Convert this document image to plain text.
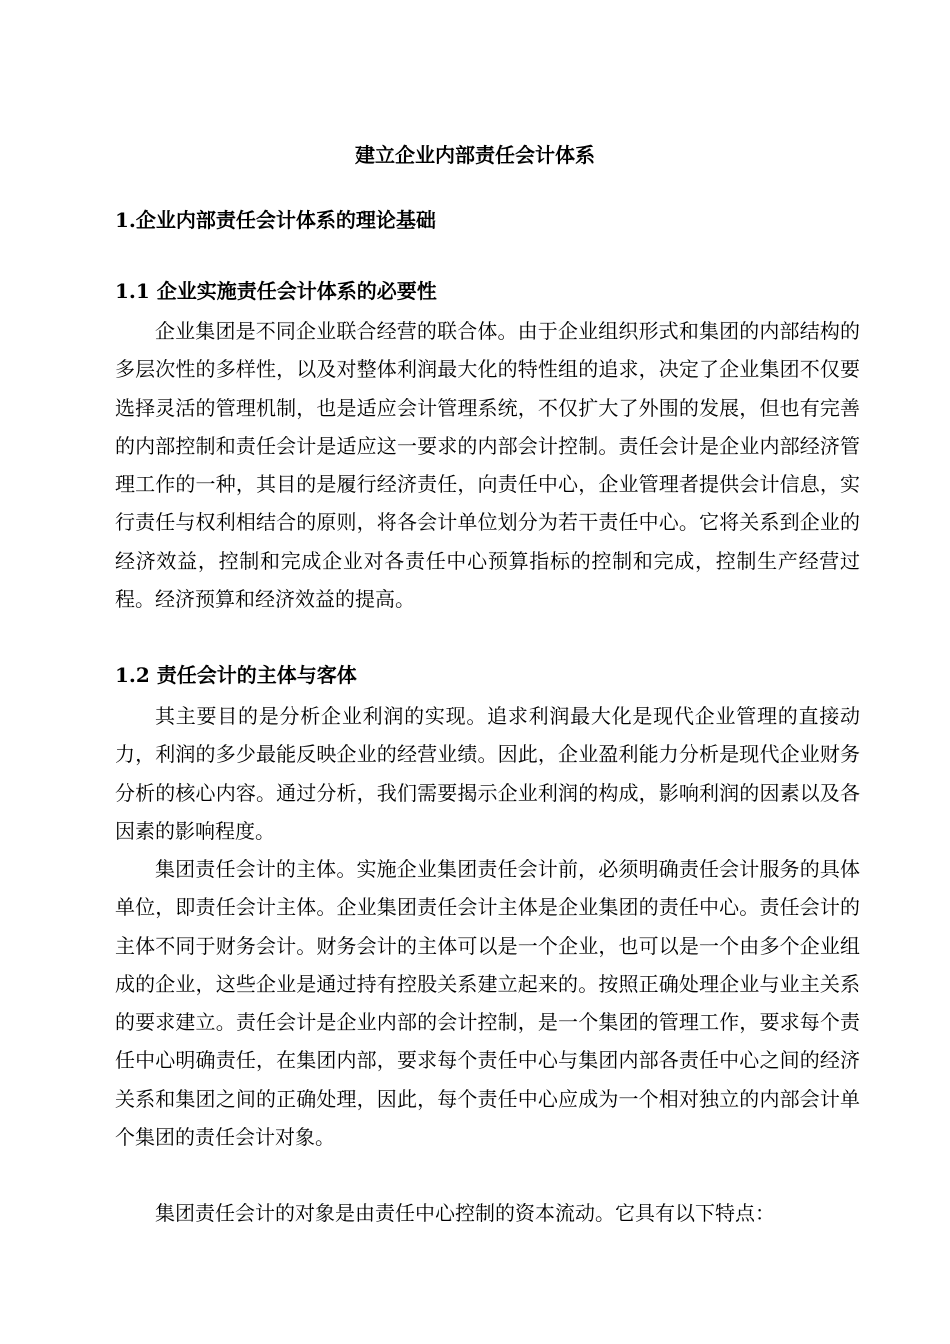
建立企业内部责任会计体系
1.企业内部责任会计体系的理论基础
1.1 企业实施责任会计体系的必要性

企业集团是不同企业联合经营的联合体。由于企业组织形式和集团的内部结构的多层次性的多样性，以及对整体利润最大化的特性组的追求，决定了企业集团不仅要选择灵活的管理机制，也是适应会计管理系统，不仅扩大了外围的发展，但也有完善的内部控制和责任会计是适应这一要求的内部会计控制。责任会计是企业内部经济管理工作的一种，其目的是履行经济责任，向责任中心，企业管理者提供会计信息，实行责任与权利相结合的原则，将各会计单位划分为若干责任中心。它将关系到企业的经济效益，控制和完成企业对各责任中心预算指标的控制和完成，控制生产经营过程。经济预算和经济效益的提高。

1.2 责任会计的主体与客体

其主要目的是分析企业利润的实现。追求利润最大化是现代企业管理的直接动力，利润的多少最能反映企业的经营业绩。因此，企业盈利能力分析是现代企业财务分析的核心内容。通过分析，我们需要揭示企业利润的构成，影响利润的因素以及各因素的影响程度。

集团责任会计的主体。实施企业集团责任会计前，必须明确责任会计服务的具体单位，即责任会计主体。企业集团责任会计主体是企业集团的责任中心。责任会计的主体不同于财务会计。财务会计的主体可以是一个企业，也可以是一个由多个企业组成的企业，这些企业是通过持有控股关系建立起来的。按照正确处理企业与业主关系的要求建立。责任会计是企业内部的会计控制，是一个集团的管理工作，要求每个责任中心明确责任，在集团内部，要求每个责任中心与集团内部各责任中心之间的经济关系和集团之间的正确处理，因此，每个责任中心应成为一个相对独立的内部会计单个集团的责任会计对象。

集团责任会计的对象是由责任中心控制的资本流动。它具有以下特点：
